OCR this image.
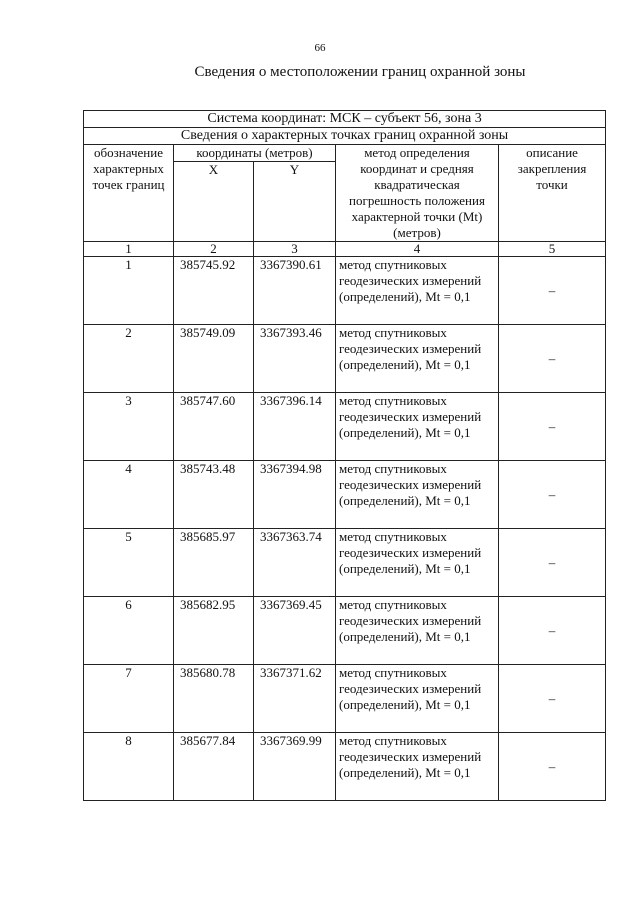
66
Сведения о местоположении границ охранной зоны
Система координат: МСК – субъект 56, зона 3				
Сведения о характерных точках границ охранной зоны				
обозначение характерных точек границ	координаты (метров)		метод определения координат и средняя квадратическая погрешность положения характерной точки (Mt) (метров)	описание закрепления точки
	X	Y		
1	2	3	4	5
1	385745.92	3367390.61	метод спутниковых геодезических измерений (определений), Mt = 0,1	–
2	385749.09	3367393.46	метод спутниковых геодезических измерений (определений), Mt = 0,1	–
3	385747.60	3367396.14	метод спутниковых геодезических измерений (определений), Mt = 0,1	–
4	385743.48	3367394.98	метод спутниковых геодезических измерений (определений), Mt = 0,1	–
5	385685.97	3367363.74	метод спутниковых геодезических измерений (определений), Mt = 0,1	–
6	385682.95	3367369.45	метод спутниковых геодезических измерений (определений), Mt = 0,1	–
7	385680.78	3367371.62	метод спутниковых геодезических измерений (определений), Mt = 0,1	–
8	385677.84	3367369.99	метод спутниковых геодезических измерений (определений), Mt = 0,1	–
